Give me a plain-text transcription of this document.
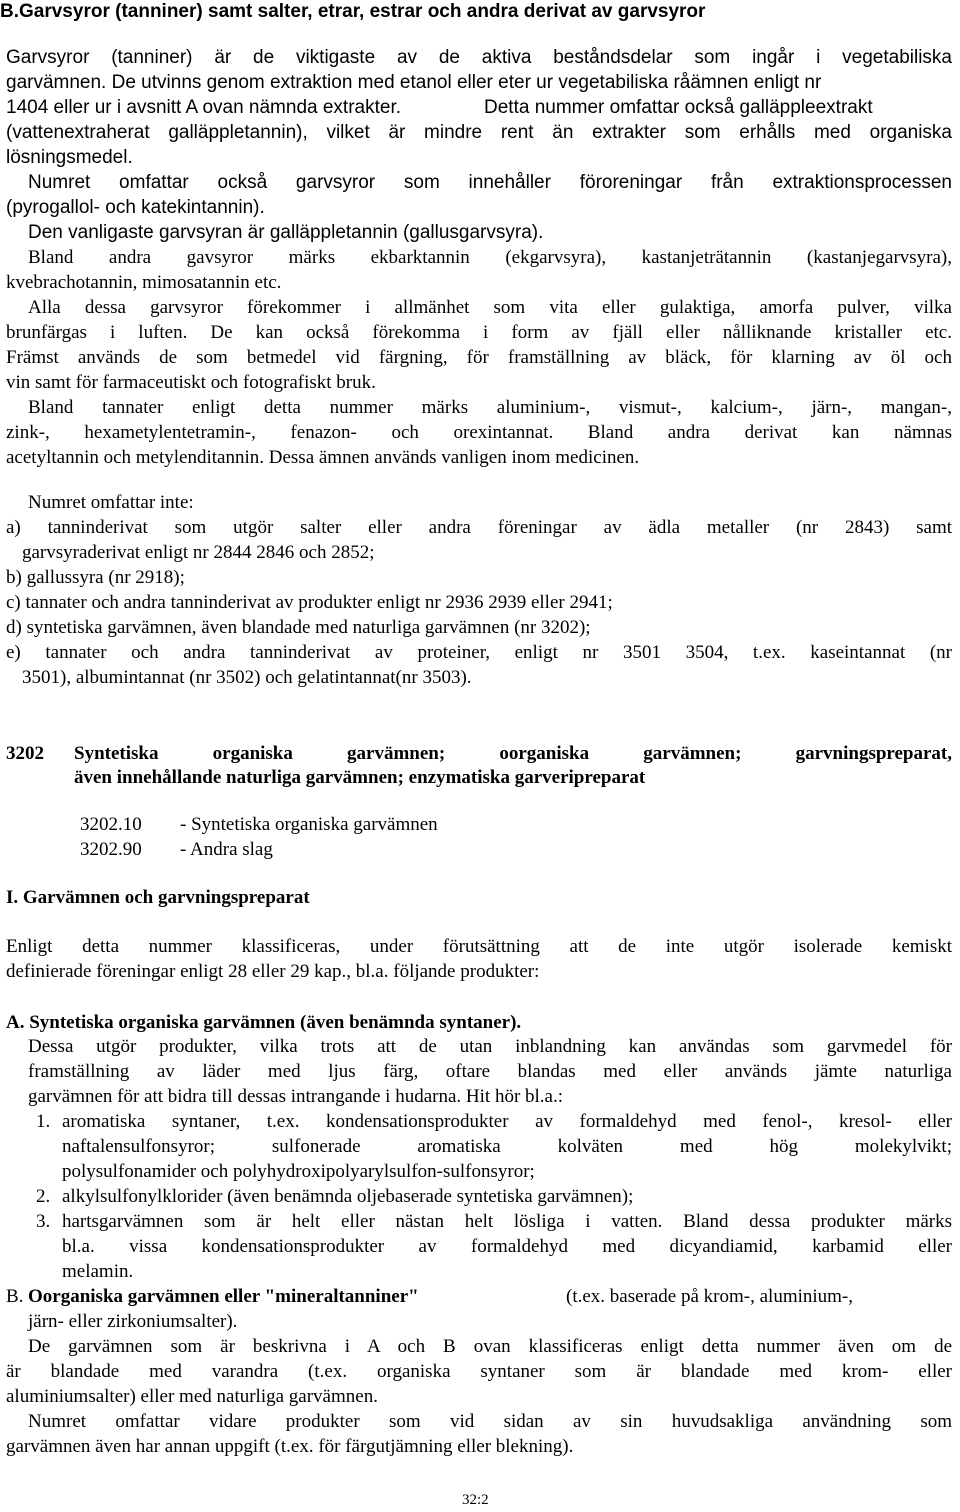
B.Garvsyror (tanniner) samt salter, etrar, estrar och andra derivat av garvsyror

Garvsyror (tanniner) är de viktigaste av de aktiva beståndsdelar som ingår i vegetabiliska

garvämnen. De utvinns genom extraktion med etanol eller eter ur vegetabiliska råämnen enligt nr

1404 eller ur i avsnitt A ovan nämnda extrakter.	Detta nummer omfattar också galläppleextrakt

(vattenextraherat galläppletannin), vilket är mindre rent än extrakter som erhålls med organiska

lösningsmedel.

Numret omfattar också garvsyror som innehåller föroreningar från extraktionsprocessen

(pyrogallol- och katekintannin).

Den vanligaste garvsyran är galläppletannin (gallusgarvsyra).

Bland andra gavsyror märks ekbarktannin (ekgarvsyra), kastanjeträtannin (kastanjegarvsyra),

kvebrachotannin, mimosatannin etc.

Alla dessa garvsyror förekommer i allmänhet som vita eller gulaktiga, amorfa pulver, vilka

brunfärgas i luften. De kan också förekomma i form av fjäll eller nålliknande kristaller etc.

Främst används de som betmedel vid färgning, för framställning av bläck, för klarning av öl och

vin samt för farmaceutiskt och fotografiskt bruk.

Bland tannater enligt detta nummer märks aluminium-, vismut-, kalcium-, järn-, mangan-,

zink-, hexametylentetramin-, fenazon- och orexintannat. Bland andra derivat kan nämnas

acetyltannin och metylenditannin. Dessa ämnen används vanligen inom medicinen.

Numret omfattar inte:

a) tanninderivat som utgör salter eller andra föreningar av ädla metaller (nr 2843) samt

garvsyraderivat enligt nr 2844 2846 och 2852;

b) gallussyra (nr 2918);

c) tannater och andra tanninderivat av produkter enligt nr 2936 2939 eller 2941;

d) syntetiska garvämnen, även blandade med naturliga garvämnen (nr 3202);

e) tannater och andra tanninderivat av proteiner, enligt nr 3501 3504, t.ex. kaseintannat (nr

3501), albumintannat (nr 3502) och gelatintannat(nr 3503).

3202 Syntetiska organiska garvämnen; oorganiska garvämnen; garvningspreparat,

även innehållande naturliga garvämnen; enzymatiska garveripreparat

3202.10 - Syntetiska organiska garvämnen

3202.90 - Andra slag

I. Garvämnen och garvningspreparat

Enligt detta nummer klassificeras, under förutsättning att de inte utgör isolerade kemiskt

definierade föreningar enligt 28 eller 29 kap., bl.a. följande produkter:

A. Syntetiska organiska garvämnen (även benämnda syntaner).

Dessa utgör produkter, vilka trots att de utan inblandning kan användas som garvmedel för

framställning av läder med ljus färg, oftare blandas med eller används jämte naturliga

garvämnen för att bidra till dessas intrangande i hudarna. Hit hör bl.a.:

1. aromatiska syntaner, t.ex. kondensationsprodukter av formaldehyd med fenol-, kresol- eller

naftalensulfonsyror; sulfonerade aromatiska kolväten med hög molekylvikt;

polysulfonamider och polyhydroxipolyarylsulfon-sulfonsyror;

2. alkylsulfonylklorider (även benämnda oljebaserade syntetiska garvämnen);

3. hartsgarvämnen som är helt eller nästan helt lösliga i vatten. Bland dessa produkter märks

bl.a. vissa kondensationsprodukter av formaldehyd med dicyandiamid, karbamid eller

melamin.

B. Oorganiska garvämnen eller "mineraltanniner"	(t.ex. baserade på krom-, aluminium-,

järn- eller zirkoniumsalter).

De garvämnen som är beskrivna i A och B ovan klassificeras enligt detta nummer även om de

är blandade med varandra (t.ex. organiska syntaner som är blandade med krom- eller

aluminiumsalter) eller med naturliga garvämnen.

Numret omfattar vidare produkter som vid sidan av sin huvudsakliga användning som

garvämnen även har annan uppgift (t.ex. för färgutjämning eller blekning).

32:2
